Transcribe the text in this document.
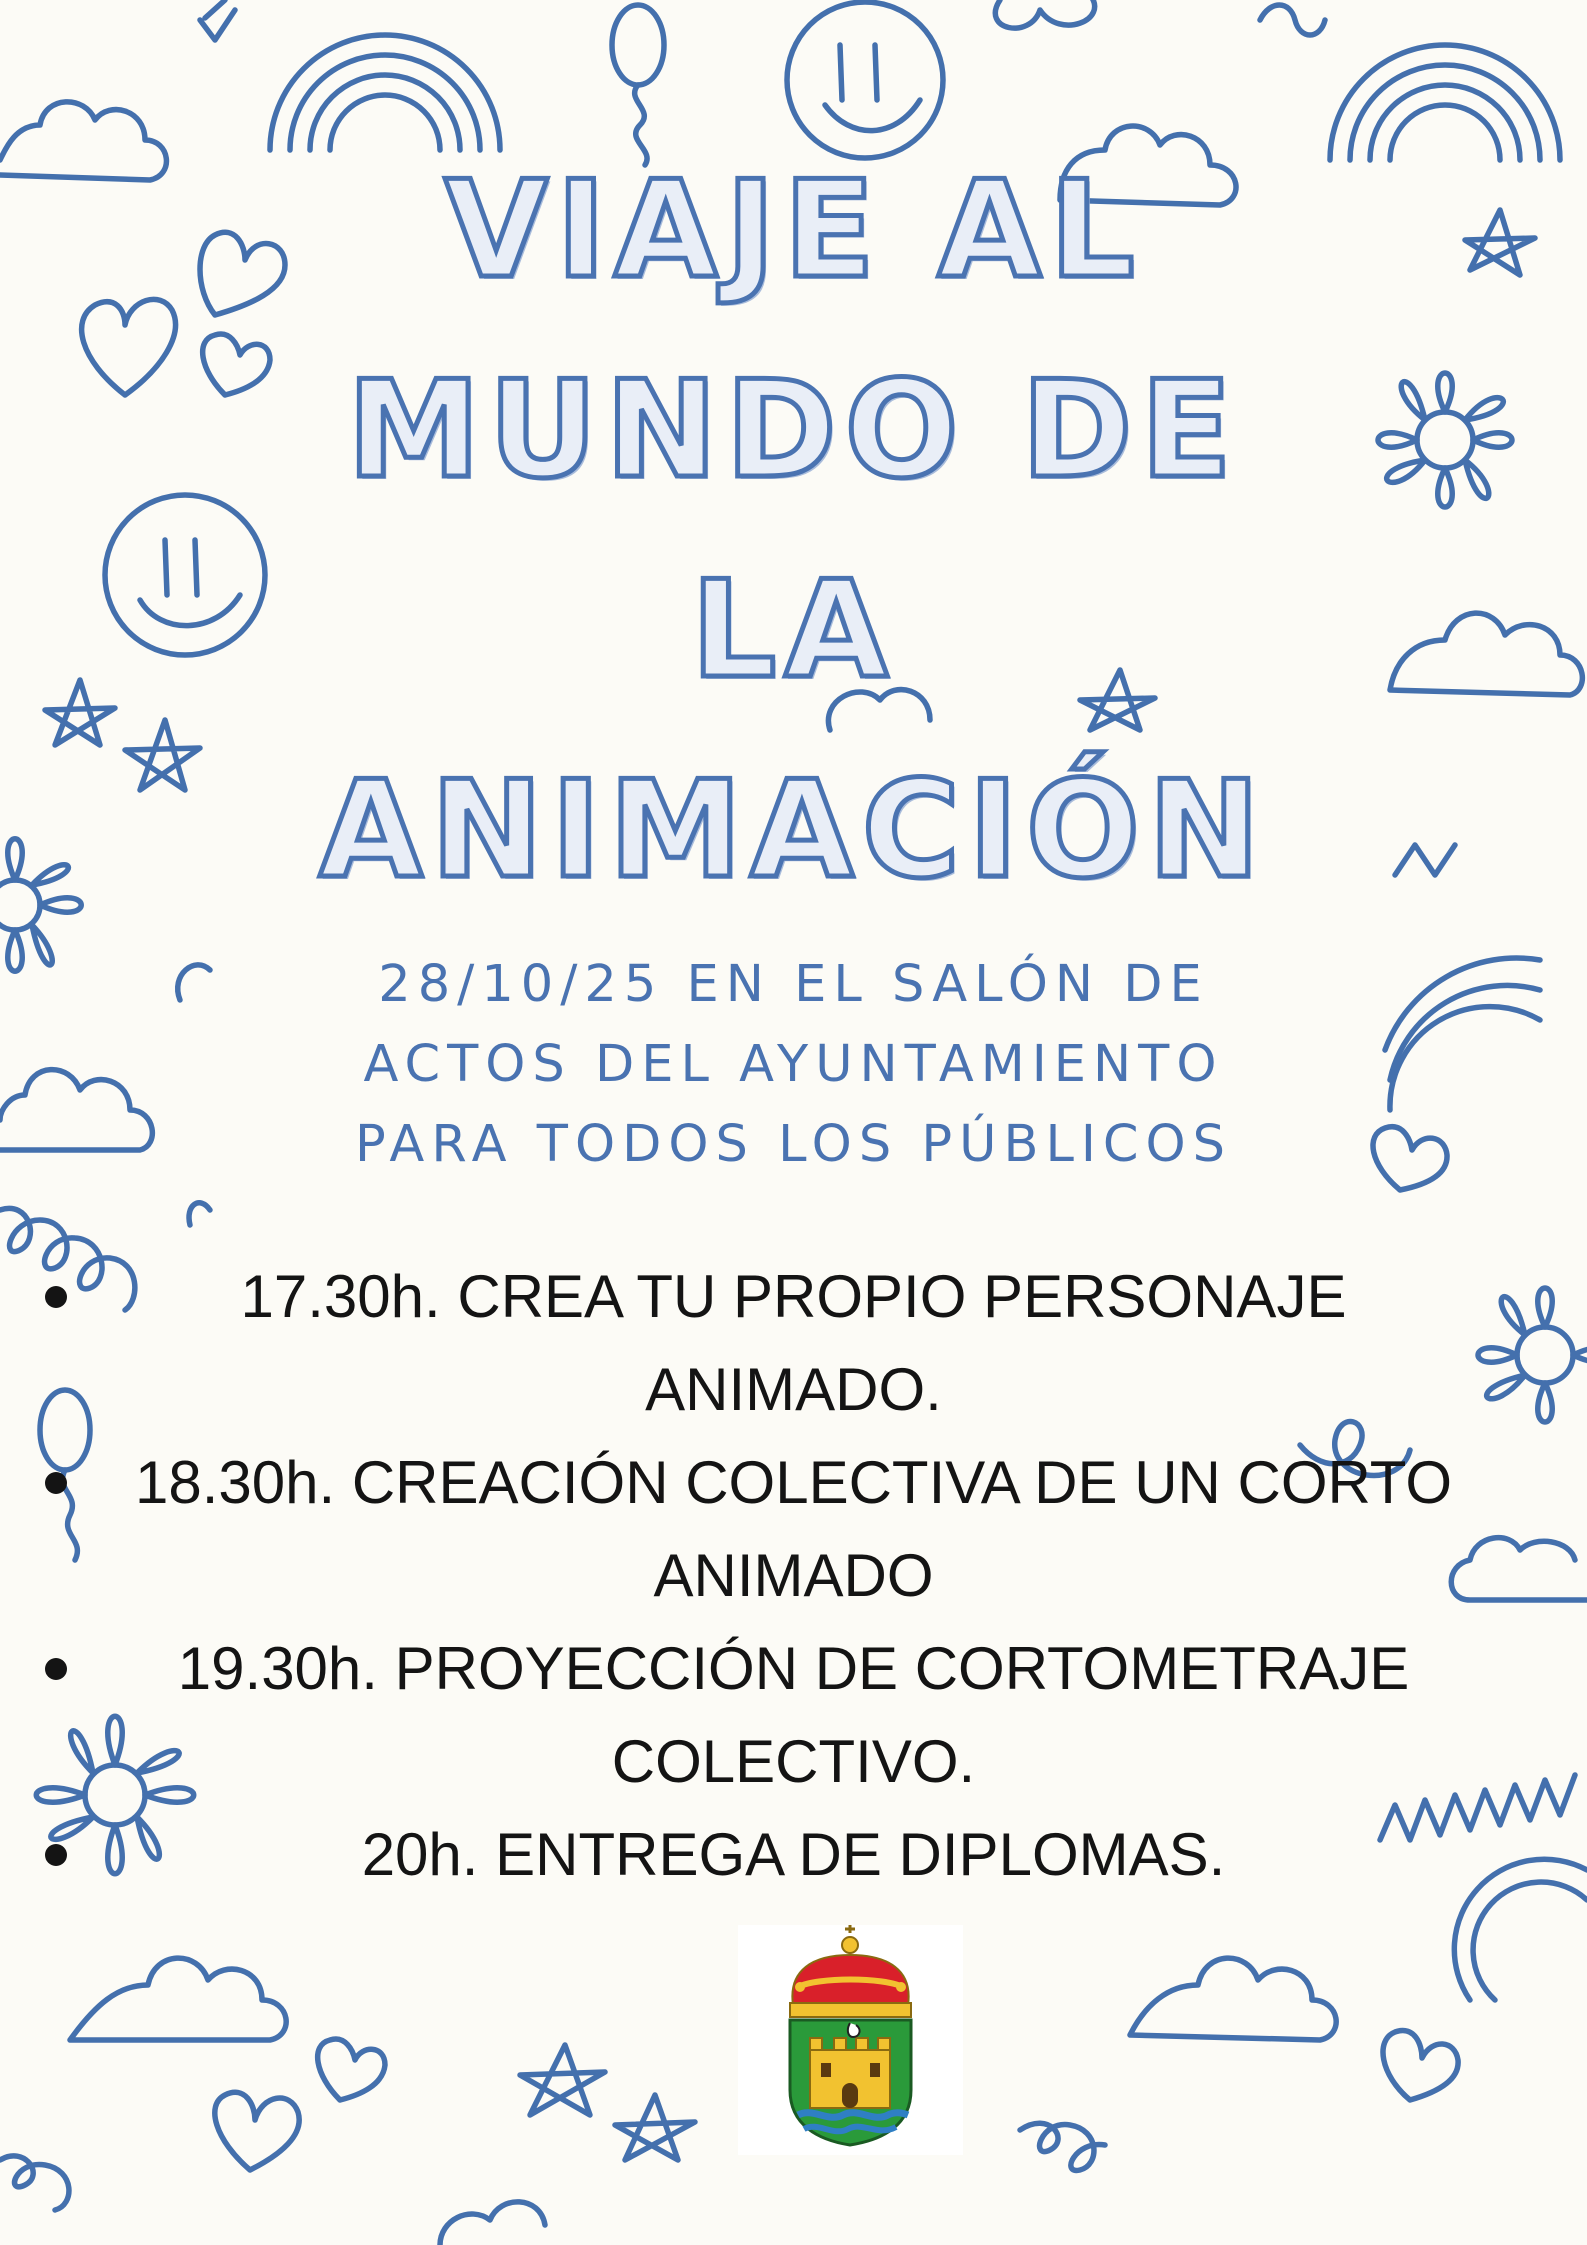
VIAJE AL
MUNDO DE
LA
ANIMACIÓN
28/10/25 EN EL SALÓN DE
ACTOS DEL AYUNTAMIENTO
PARA TODOS LOS PÚBLICOS
17.30h. CREA TU PROPIO PERSONAJE
ANIMADO.
18.30h. CREACIÓN COLECTIVA DE UN CORTO
ANIMADO
19.30h. PROYECCIÓN DE CORTOMETRAJE
COLECTIVO.
20h. ENTREGA DE DIPLOMAS.
